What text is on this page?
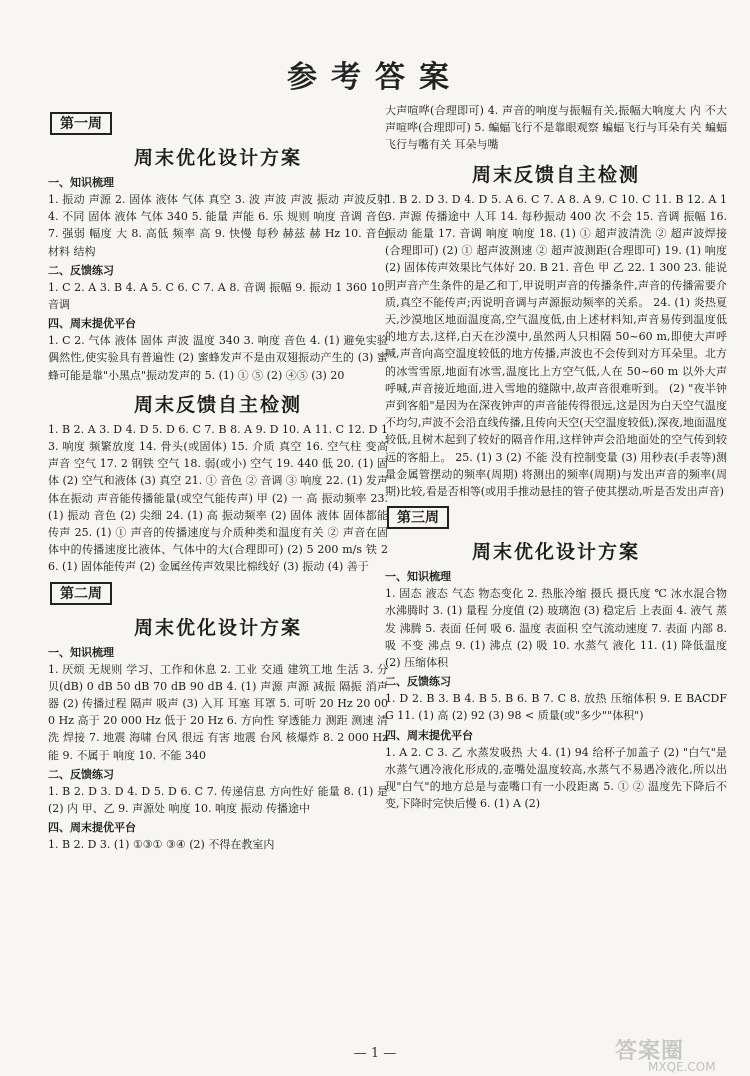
参考答案
第一周
周末优化设计方案
一、知识梳理

1. 振动 声源 2. 固体 液体 气体 真空 3. 波 声波 声波 振动 声波反射 4. 不同 固体 液体 气体 340 5. 能量 声能 6. 乐 规则 响度 音调 音色 7. 强弱 幅度 大 8. 高低 频率 高 9. 快慢 每秒 赫兹 赫 Hz 10. 音色 材料 结构

二、反馈练习

1. C 2. A 3. B 4. A 5. C 6. C 7. A 8. 音调 振幅 9. 振动 1 360 10. 音调

四、周末提优平台

1. C 2. 气体 液体 固体 声波 温度 340 3. 响度 音色 4. (1) 避免实验偶然性,使实验具有普遍性 (2) 蜜蜂发声不是由双翅振动产生的 (3) 蜜蜂可能是靠"小黑点"振动发声的 5. (1) ① ⑤ (2) ④⑤ (3) 20

周末反馈自主检测

1. B 2. A 3. D 4. D 5. D 6. C 7. B 8. A 9. D 10. A 11. C 12. D 13. 响度 频繁放度 14. 骨头(或固体) 15. 介质 真空 16. 空气柱 变高 声音 空气 17. 2 钢铁 空气 18. 弱(或小) 空气 19. 440 低 20. (1) 固体 (2) 空气和液体 (3) 真空 21. ① 音色 ② 音调 ③ 响度 22. (1) 发声体在振动 声音能传播能量(或空气能传声) 甲 (2) 一 高 振动频率 23. (1) 振动 音色 (2) 尖细 24. (1) 高 振动频率 (2) 固体 液体 固体都能传声 25. (1) ① 声音的传播速度与介质种类和温度有关 ② 声音在固体中的传播速度比液体、气体中的大(合理即可) (2) 5 200 m/s 铁 26. (1) 固体能传声 (2) 金属丝传声效果比棉线好 (3) 振动 (4) 善于

第二周
周末优化设计方案
一、知识梳理

1. 厌烦 无规则 学习、工作和休息 2. 工业 交通 建筑工地 生活 3. 分贝(dB) 0 dB 50 dB 70 dB 90 dB 4. (1) 声源 声源 减振 隔振 消声器 (2) 传播过程 隔声 吸声 (3) 入耳 耳塞 耳罩 5. 可听 20 Hz 20 000 Hz 高于 20 000 Hz 低于 20 Hz 6. 方向性 穿透能力 测距 测速 清洗 焊接 7. 地震 海啸 台风 很远 有害 地震 台风 核爆炸 8. 2 000 Hz 能 9. 不属于 响度 10. 不能 340

二、反馈练习

1. B 2. D 3. D 4. D 5. D 6. C 7. 传递信息 方向性好 能量 8. (1) 是 (2) 内 甲、乙 9. 声源处 响度 10. 响度 振动 传播途中

四、周末提优平台

1. B 2. D 3. (1) ①③① ③④ (2) 不得在教室内

大声喧哗(合理即可) 4. 声音的响度与振幅有关,振幅大响度大 内 不大声喧哗(合理即可) 5. 蝙蝠飞行不是靠眼观察 蝙蝠飞行与耳朵有关 蝙蝠飞行与嘴有关 耳朵与嘴

周末反馈自主检测

1. B 2. D 3. D 4. D 5. A 6. C 7. A 8. A 9. C 10. C 11. B 12. A 13. 声源 传播途中 人耳 14. 每秒振动 400 次 不会 15. 音调 振幅 16. 振动 能量 17. 音调 响度 响度 18. (1) ① 超声波清洗 ② 超声波焊接(合理即可) (2) ① 超声波测速 ② 超声波测距(合理即可) 19. (1) 响度 (2) 固体传声效果比气体好 20. B 21. 音色 甲 乙 22. 1 300 23. 能说明声音产生条件的是乙和丁,甲说明声音的传播条件,声音的传播需要介质,真空不能传声;丙说明音调与声源振动频率的关系。 24. (1) 炎热夏天,沙漠地区地面温度高,空气温度低,由上述材料知,声音易传到温度低的地方去,这样,白天在沙漠中,虽然两人只相隔 50~60 m,即使大声呼喊,声音向高空温度较低的地方传播,声波也不会传到对方耳朵里。北方的冰雪雪原,地面有冰雪,温度比上方空气低,人在 50~60 m 以外大声呼喊,声音接近地面,进入雪地的缝隙中,故声音很难听到。 (2) "夜半钟声到客船"是因为在深夜钟声的声音能传得很远,这是因为白天空气温度不均匀,声波不会沿直线传播,且传向天空(天空温度较低),深夜,地面温度较低,且树木起到了较好的隔音作用,这样钟声会沿地面处的空气传到较远的客船上。 25. (1) 3 (2) 不能 没有控制变量 (3) 用秒表(手表等)测量金属管摆动的频率(周期) 将测出的频率(周期)与发出声音的频率(周期)比较,看是否相等(或用手推动悬挂的管子使其摆动,听是否发出声音)

第三周
周末优化设计方案
一、知识梳理

1. 固态 液态 气态 物态变化 2. 热胀冷缩 摄氏 摄氏度 ℃ 冰水混合物 水沸腾时 3. (1) 量程 分度值 (2) 玻璃泡 (3) 稳定后 上表面 4. 液气 蒸发 沸腾 5. 表面 任何 吸 6. 温度 表面积 空气流动速度 7. 表面 内部 8. 吸 不变 沸点 9. (1) 沸点 (2) 吸 10. 水蒸气 液化 11. (1) 降低温度 (2) 压缩体积

二、反馈练习

1. D 2. B 3. B 4. B 5. B 6. B 7. C 8. 放热 压缩体积 9. E BACDFG 11. (1) 高 (2) 92 (3) 98 < 质量(或"多少""体积")

四、周末提优平台

1. A 2. C 3. 乙 水蒸发吸热 大 4. (1) 94 给杯子加盖子 (2) "白气"是水蒸气遇冷液化形成的,壶嘴处温度较高,水蒸气不易遇冷液化,所以出现"白气"的地方总是与壶嘴口有一小段距离 5. ① ② 温度先下降后不变,下降时完快后慢 6. (1) A (2)

— 1 —	答案圈
MXQE.COM
